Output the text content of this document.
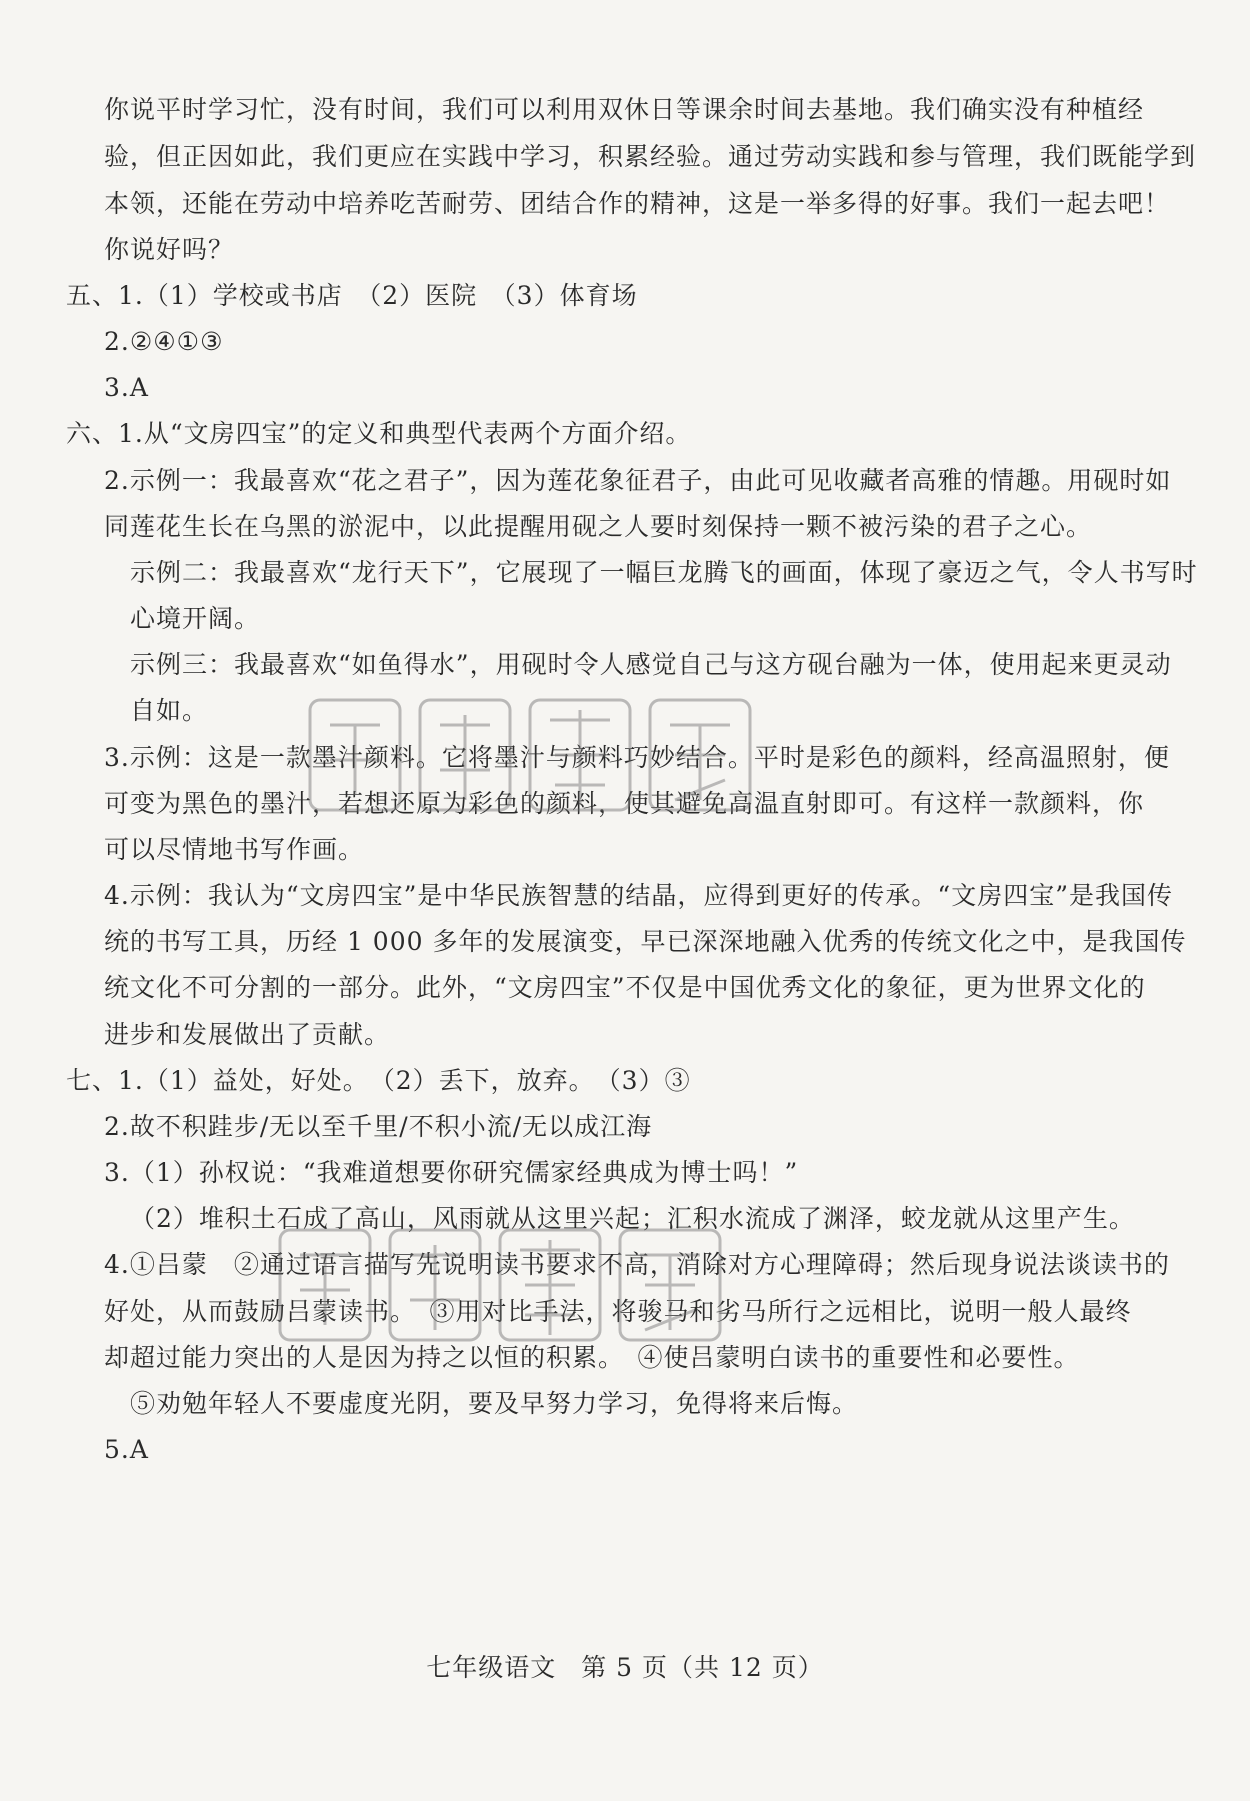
你说平时学习忙，没有时间，我们可以利用双休日等课余时间去基地。我们确实没有种植经
验，但正因如此，我们更应在实践中学习，积累经验。通过劳动实践和参与管理，我们既能学到
本领，还能在劳动中培养吃苦耐劳、团结合作的精神，这是一举多得的好事。我们一起去吧！
你说好吗？
五、1.（1）学校或书店　（2）医院　（3）体育场
2.②④①③
3.A
六、1.从“文房四宝”的定义和典型代表两个方面介绍。
2.示例一：我最喜欢“花之君子”，因为莲花象征君子，由此可见收藏者高雅的情趣。用砚时如
同莲花生长在乌黑的淤泥中，以此提醒用砚之人要时刻保持一颗不被污染的君子之心。
示例二：我最喜欢“龙行天下”，它展现了一幅巨龙腾飞的画面，体现了豪迈之气，令人书写时
心境开阔。
示例三：我最喜欢“如鱼得水”，用砚时令人感觉自己与这方砚台融为一体，使用起来更灵动
自如。
3.示例：这是一款墨汁颜料。它将墨汁与颜料巧妙结合。平时是彩色的颜料，经高温照射，便
可变为黑色的墨汁，若想还原为彩色的颜料，使其避免高温直射即可。有这样一款颜料，你
可以尽情地书写作画。
4.示例：我认为“文房四宝”是中华民族智慧的结晶，应得到更好的传承。“文房四宝”是我国传
统的书写工具，历经 1 000 多年的发展演变，早已深深地融入优秀的传统文化之中，是我国传
统文化不可分割的一部分。此外，“文房四宝”不仅是中国优秀文化的象征，更为世界文化的
进步和发展做出了贡献。
七、1.（1）益处，好处。　（2）丢下，放弃。　（3）③
2.故不积跬步/无以至千里/不积小流/无以成江海
3.（1）孙权说：“我难道想要你研究儒家经典成为博士吗！”
（2）堆积土石成了高山，风雨就从这里兴起；汇积水流成了渊泽，蛟龙就从这里产生。
4.①吕蒙　②通过语言描写先说明读书要求不高，消除对方心理障碍；然后现身说法谈读书的
好处，从而鼓励吕蒙读书。　③用对比手法，将骏马和劣马所行之远相比，说明一般人最终
却超过能力突出的人是因为持之以恒的积累。　④使吕蒙明白读书的重要性和必要性。
⑤劝勉年轻人不要虚度光阴，要及早努力学习，免得将来后悔。
5.A
七年级语文 第 5 页（共 12 页）
